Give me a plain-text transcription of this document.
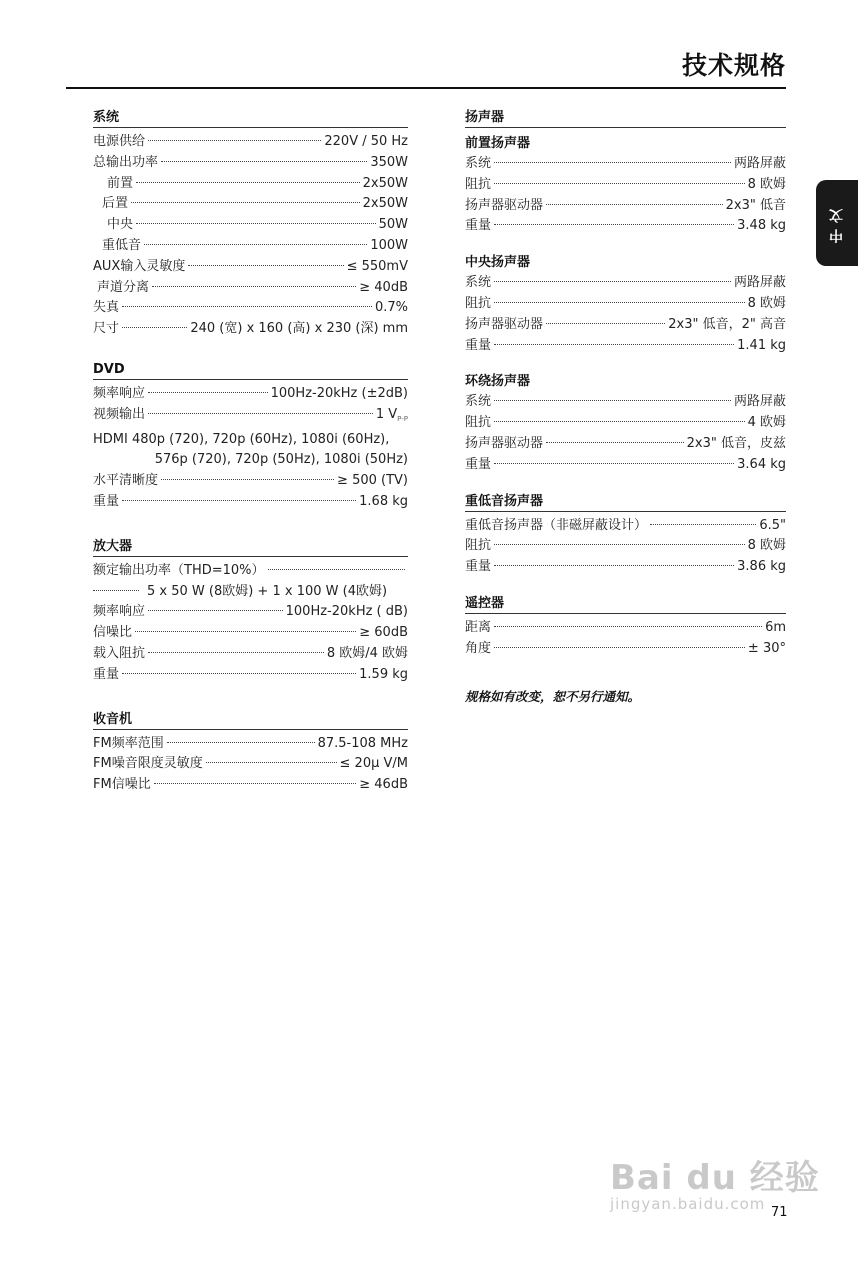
技术规格
中文
系统
电源供给	220V / 50 Hz
总输出功率	350W
前置	2x50W
后置	2x50W
中央	50W
重低音	100W
AUX输入灵敏度	≤ 550mV
声道分离	≥ 40dB
失真	0.7%
尺寸	240 (宽) x 160 (高) x 230 (深) mm
DVD
频率响应	100Hz-20kHz (±2dB)
视频输出	1 $V_{P-P}$
HDMI 480p (720), 720p (60Hz), 1080i (60Hz),
576p (720), 720p (50Hz), 1080i (50Hz)
水平清晰度	≥ 500 (TV)
重量	1.68 kg
放大器
额定输出功率（THD=10%）
5 x 50 W (8欧姆) + 1 x 100 W (4欧姆)
频率响应	100Hz-20kHz ( dB)
信噪比	≥ 60dB
载入阻抗	8 欧姆/4 欧姆
重量	1.59 kg
收音机
FM频率范围	87.5-108 MHz
FM噪音限度灵敏度	≤ 20μ V/M
FM信噪比	≥ 46dB
扬声器
前置扬声器
系统	两路屏蔽
阻抗	8 欧姆
扬声器驱动器	2x3" 低音
重量	3.48 kg
中央扬声器
系统	两路屏蔽
阻抗	8 欧姆
扬声器驱动器	2x3" 低音，2" 高音
重量	1.41 kg
环绕扬声器
系统	两路屏蔽
阻抗	4 欧姆
扬声器驱动器	2x3" 低音，皮兹
重量	3.64 kg
重低音扬声器
重低音扬声器（非磁屏蔽设计）	6.5"
阻抗	8 欧姆
重量	3.86 kg
遥控器
距离	6m
角度	± 30°
规格如有改变，恕不另行通知。
Bai du 经验
jingyan.baidu.com 71
